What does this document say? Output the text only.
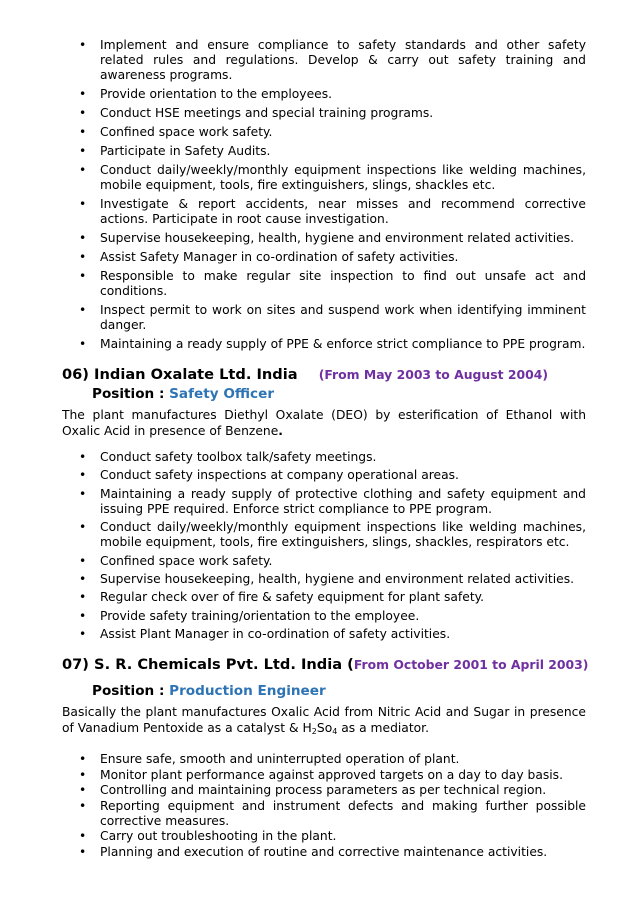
• Implement and ensure compliance to safety standards and other safety related rules and regulations. Develop & carry out safety training and awareness programs.
• Provide orientation to the employees.
• Conduct HSE meetings and special training programs.
• Confined space work safety.
• Participate in Safety Audits.
• Conduct daily/weekly/monthly equipment inspections like welding machines, mobile equipment, tools, fire extinguishers, slings, shackles etc.
• Investigate & report accidents, near misses and recommend corrective actions. Participate in root cause investigation.
• Supervise housekeeping, health, hygiene and environment related activities.
• Assist Safety Manager in co-ordination of safety activities.
• Responsible to make regular site inspection to find out unsafe act and conditions.
• Inspect permit to work on sites and suspend work when identifying imminent danger.
• Maintaining a ready supply of PPE & enforce strict compliance to PPE program.
06) Indian Oxalate Ltd. India (From May 2003 to August 2004)
Position : Safety Officer
The plant manufactures Diethyl Oxalate (DEO) by esterification of Ethanol with Oxalic Acid in presence of Benzene.
• Conduct safety toolbox talk/safety meetings.
• Conduct safety inspections at company operational areas.
• Maintaining a ready supply of protective clothing and safety equipment and issuing PPE required. Enforce strict compliance to PPE program.
• Conduct daily/weekly/monthly equipment inspections like welding machines, mobile equipment, tools, fire extinguishers, slings, shackles, respirators etc.
• Confined space work safety.
• Supervise housekeeping, health, hygiene and environment related activities.
• Regular check over of fire & safety equipment for plant safety.
• Provide safety training/orientation to the employee.
• Assist Plant Manager in co-ordination of safety activities.
07) S. R. Chemicals Pvt. Ltd. India (From October 2001 to April 2003)
Position : Production Engineer
Basically the plant manufactures Oxalic Acid from Nitric Acid and Sugar in presence of Vanadium Pentoxide as a catalyst & $H_2So_4$ as a mediator.
• Ensure safe, smooth and uninterrupted operation of plant.
• Monitor plant performance against approved targets on a day to day basis.
• Controlling and maintaining process parameters as per technical region.
• Reporting equipment and instrument defects and making further possible corrective measures.
• Carry out troubleshooting in the plant.
• Planning and execution of routine and corrective maintenance activities.
